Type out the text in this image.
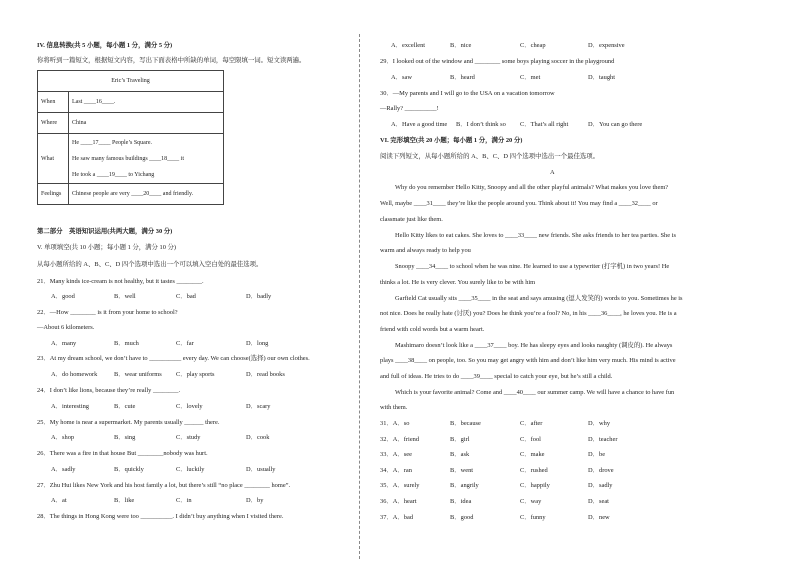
IV. 信息转换(共 5 小题，每小题 1 分，满分 5 分)
你将听到一篇短文，根据短文内容，写出下面表格中所缺的单词，每空限填一词。短文读两遍。
Eric’s Traveling	
When	Last ____16____.

Where	China

What	He ____17____ People’s Square.
He saw many famous buildings ____18____ it
He took a ____19____ to Yichang

Feelings	Chinese people are very ____20____ and friendly.
第二部分　英语知识运用(共两大题，满分 30 分)
V. 单项填空(共 10 小题；每小题 1 分，满分 10 分)
从每小题所给的 A、B、C、D 四个选项中选出一个可以填入空白处的最佳选项。
21．Many kinds ice-cream is not healthy, but it tastes ________.
A．good	B．well	C．bad	D．badly
22．—How ________ is it from your home to school?
—About 6 kilometers.
A．many	B．much	C．far	D．long
23．At my dream school, we don’t have to __________ every day. We can choose(选择) our own clothes.
A．do homework	B．wear uniforms C．play sports	D．read books
24．I don’t like lions, because they’re really ________.
A．interesting	B．cute	C．lovely	D．scary
25．My home is near a supermarket. My parents usually ______ there.
A．shop	B．sing	C．study	D．cook
26．There was a fire in that house But ________nobody was hurt.
A．sadly	B．quickly	C．luckily	D．usually
27．Zhu Hui likes New York and his host family a lot, but there’s still “no place ________ home”.
A．at	B．like	C．in	D．by
28．The things in Hong Kong were too __________. I didn’t buy anything when I visited there.
A．excellent	B．nice	C．cheap	D．expensive
29．I looked out of the window and ________ some boys playing soccer in the playground
A．saw	B．heard	C．met	D．taught
30．—My parents and I will go to the USA on a vacation tomorrow
—Rally? __________!
A．Have a good time B．I don’t think so C．That’s all right	D．You can go there
VI. 完形填空(共 20 小题；每小题 1 分，满分 20 分)
阅读下列短文，从每小题所给的 A、B、C、D 四个选项中选出一个最佳选项。
A
Why do you remember Hello Kitty, Snoopy and all the other playful animals? What makes you love them?
Well, maybe ____31____ they’re like the people around you. Think about it! You may find a ____32____ or
classmate just like them.
Hello Kitty likes to eat cakes. She loves to ____33____ new friends. She asks friends to her tea parties. She is
warm and always ready to help you
Snoopy ____34____ to school when he was nine. He learned to use a typewriter (打字机) in two years! He
thinks a lot. He is very clever. You surely like to be with him
Garfield Cat usually sits ____35____ in the seat and says amusing (逗人发笑的) words to you. Sometimes he is
not nice. Does he really hate (讨厌) you? Does he think you’re a fool? No, in his ____36____, he loves you. He is a
friend with cold words but a warm heart.
Mashimaro doesn’t look like a ____37____ boy. He has sleepy eyes and looks naughty (调皮的). He always
plays ____38____ on people, too. So you may get angry with him and don’t like him very much. His mind is active
and full of ideas. He tries to do ____39____ special to catch your eye, but he’s still a child.
Which is your favorite animal? Come and ____40____ our summer camp. We will have a chance to have fun
with them.
31．A．so	B．because	C．after	D．why
32．A．friend	B．girl	C．fool	D．teacher
33．A．see	B．ask	C．make	D．be
34．A．ran	B．went	C．rushed	D．drove
35．A．surely	B．angrily	C．happily	D．sadly
36．A．heart	B．idea	C．way	D．seat
37．A．bad	B．good	C．funny	D．new
